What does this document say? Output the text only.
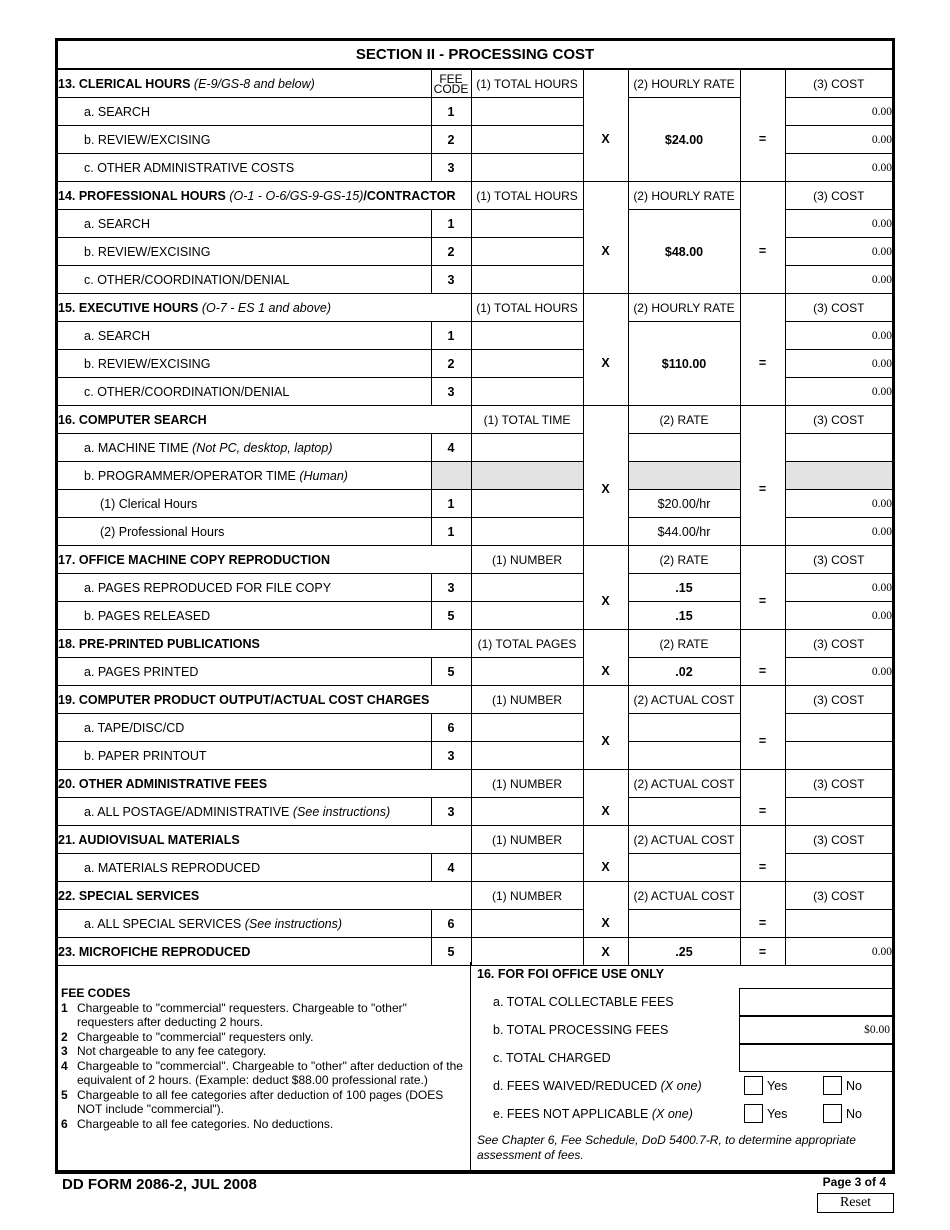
SECTION II - PROCESSING COST
13. CLERICAL HOURS (E-9/GS-8 and below)	FEE CODE	(1) TOTAL HOURS		(2) HOURLY RATE		(3) COST
a. SEARCH	1		X	$24.00	=	0.00
b. REVIEW/EXCISING	2					0.00
c. OTHER ADMINISTRATIVE COSTS	3					0.00
14. PROFESSIONAL HOURS (O-1 - O-6/GS-9-GS-15)/CONTRACTOR		(1) TOTAL HOURS		(2) HOURLY RATE		(3) COST
a. SEARCH	1		X	$48.00	=	0.00
b. REVIEW/EXCISING	2					0.00
c. OTHER/COORDINATION/DENIAL	3					0.00
15. EXECUTIVE HOURS (O-7 - ES 1 and above)		(1) TOTAL HOURS		(2) HOURLY RATE		(3) COST
a. SEARCH	1		X	$110.00	=	0.00
b. REVIEW/EXCISING	2					0.00
c. OTHER/COORDINATION/DENIAL	3					0.00
16. COMPUTER SEARCH		(1) TOTAL TIME		(2) RATE		(3) COST
a. MACHINE TIME (Not PC, desktop, laptop)	4		X		=	
b. PROGRAMMER/OPERATOR TIME (Human)						
(1) Clerical Hours	1			$20.00/hr		0.00
(2) Professional Hours	1			$44.00/hr		0.00
17. OFFICE MACHINE COPY REPRODUCTION		(1) NUMBER		(2) RATE		(3) COST
a. PAGES REPRODUCED FOR FILE COPY	3		X	.15	=	0.00
b. PAGES RELEASED	5			.15		0.00
18. PRE-PRINTED PUBLICATIONS		(1) TOTAL PAGES		(2) RATE		(3) COST
a. PAGES PRINTED	5		X	.02	=	0.00
19. COMPUTER PRODUCT OUTPUT/ACTUAL COST CHARGES		(1) NUMBER		(2) ACTUAL COST		(3) COST
a. TAPE/DISC/CD	6		X		=	
b. PAPER PRINTOUT	3					
20. OTHER ADMINISTRATIVE FEES		(1) NUMBER		(2) ACTUAL COST		(3) COST
a. ALL POSTAGE/ADMINISTRATIVE (See instructions)	3		X		=	
21. AUDIOVISUAL MATERIALS		(1) NUMBER		(2) ACTUAL COST		(3) COST
a. MATERIALS REPRODUCED	4		X		=	
22. SPECIAL SERVICES		(1) NUMBER		(2) ACTUAL COST		(3) COST
a. ALL SPECIAL SERVICES (See instructions)	6		X		=	
23. MICROFICHE REPRODUCED	5		X	.25	=	0.00
FEE CODES
1 Chargeable to "commercial" requesters. Chargeable to "other" requesters after deducting 2 hours.
2 Chargeable to "commercial" requesters only.
3 Not chargeable to any fee category.
4 Chargeable to "commercial". Chargeable to "other" after deduction of the equivalent of 2 hours. (Example: deduct $88.00 professional rate.)
5 Chargeable to all fee categories after deduction of 100 pages (DOES NOT include "commercial").
6 Chargeable to all fee categories. No deductions.
16. FOR FOI OFFICE USE ONLY
a. TOTAL COLLECTABLE FEES
b. TOTAL PROCESSING FEES	$0.00
c. TOTAL CHARGED
d. FEES WAIVED/REDUCED (X one)	Yes	No
e. FEES NOT APPLICABLE (X one)	Yes	No
See Chapter 6, Fee Schedule, DoD 5400.7-R, to determine appropriate assessment of fees.
DD FORM 2086-2, JUL 2008	Page 3 of 4
Reset
